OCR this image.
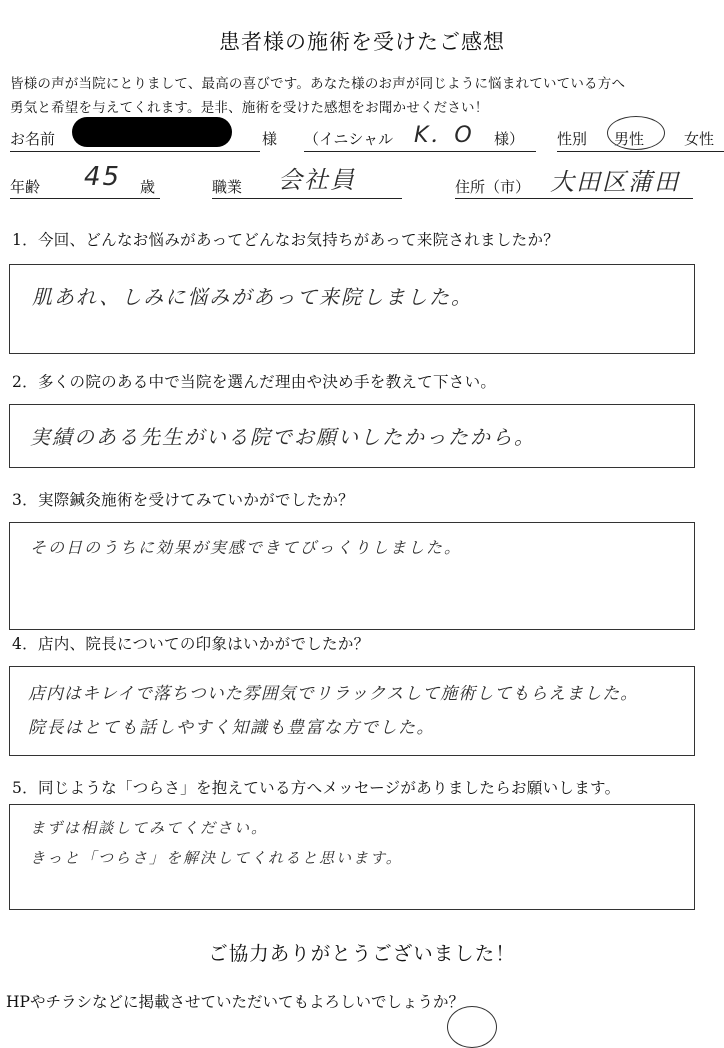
患者様の施術を受けたご感想
皆様の声が当院にとりまして、最高の喜びです。あなた様のお声が同じように悩まれていている方へ
勇気と希望を与えてくれます。是非、施術を受けた感想をお聞かせください！
お名前	様 （イニシャル K．O 様） 性別 男性	女性
年齢 45 歳	職業 会社員	住所（市） 大田区蒲田
1．今回、どんなお悩みがあってどんなお気持ちがあって来院されましたか？
肌あれ、しみに悩みがあって来院しました。
2．多くの院のある中で当院を選んだ理由や決め手を教えて下さい。
実績のある先生がいる院でお願いしたかったから。
3．実際鍼灸施術を受けてみていかがでしたか？
その日のうちに効果が実感できてびっくりしました。
4．店内、院長についての印象はいかがでしたか？
店内はキレイで落ちついた雰囲気でリラックスして施術してもらえました。
院長はとても話しやすく知識も豊富な方でした。
5．同じような「つらさ」を抱えている方へメッセージがありましたらお願いします。
まずは相談してみてください。
きっと「つらさ」を解決してくれると思います。
ご協力ありがとうございました！
HPやチラシなどに掲載させていただいてもよろしいでしょうか？
